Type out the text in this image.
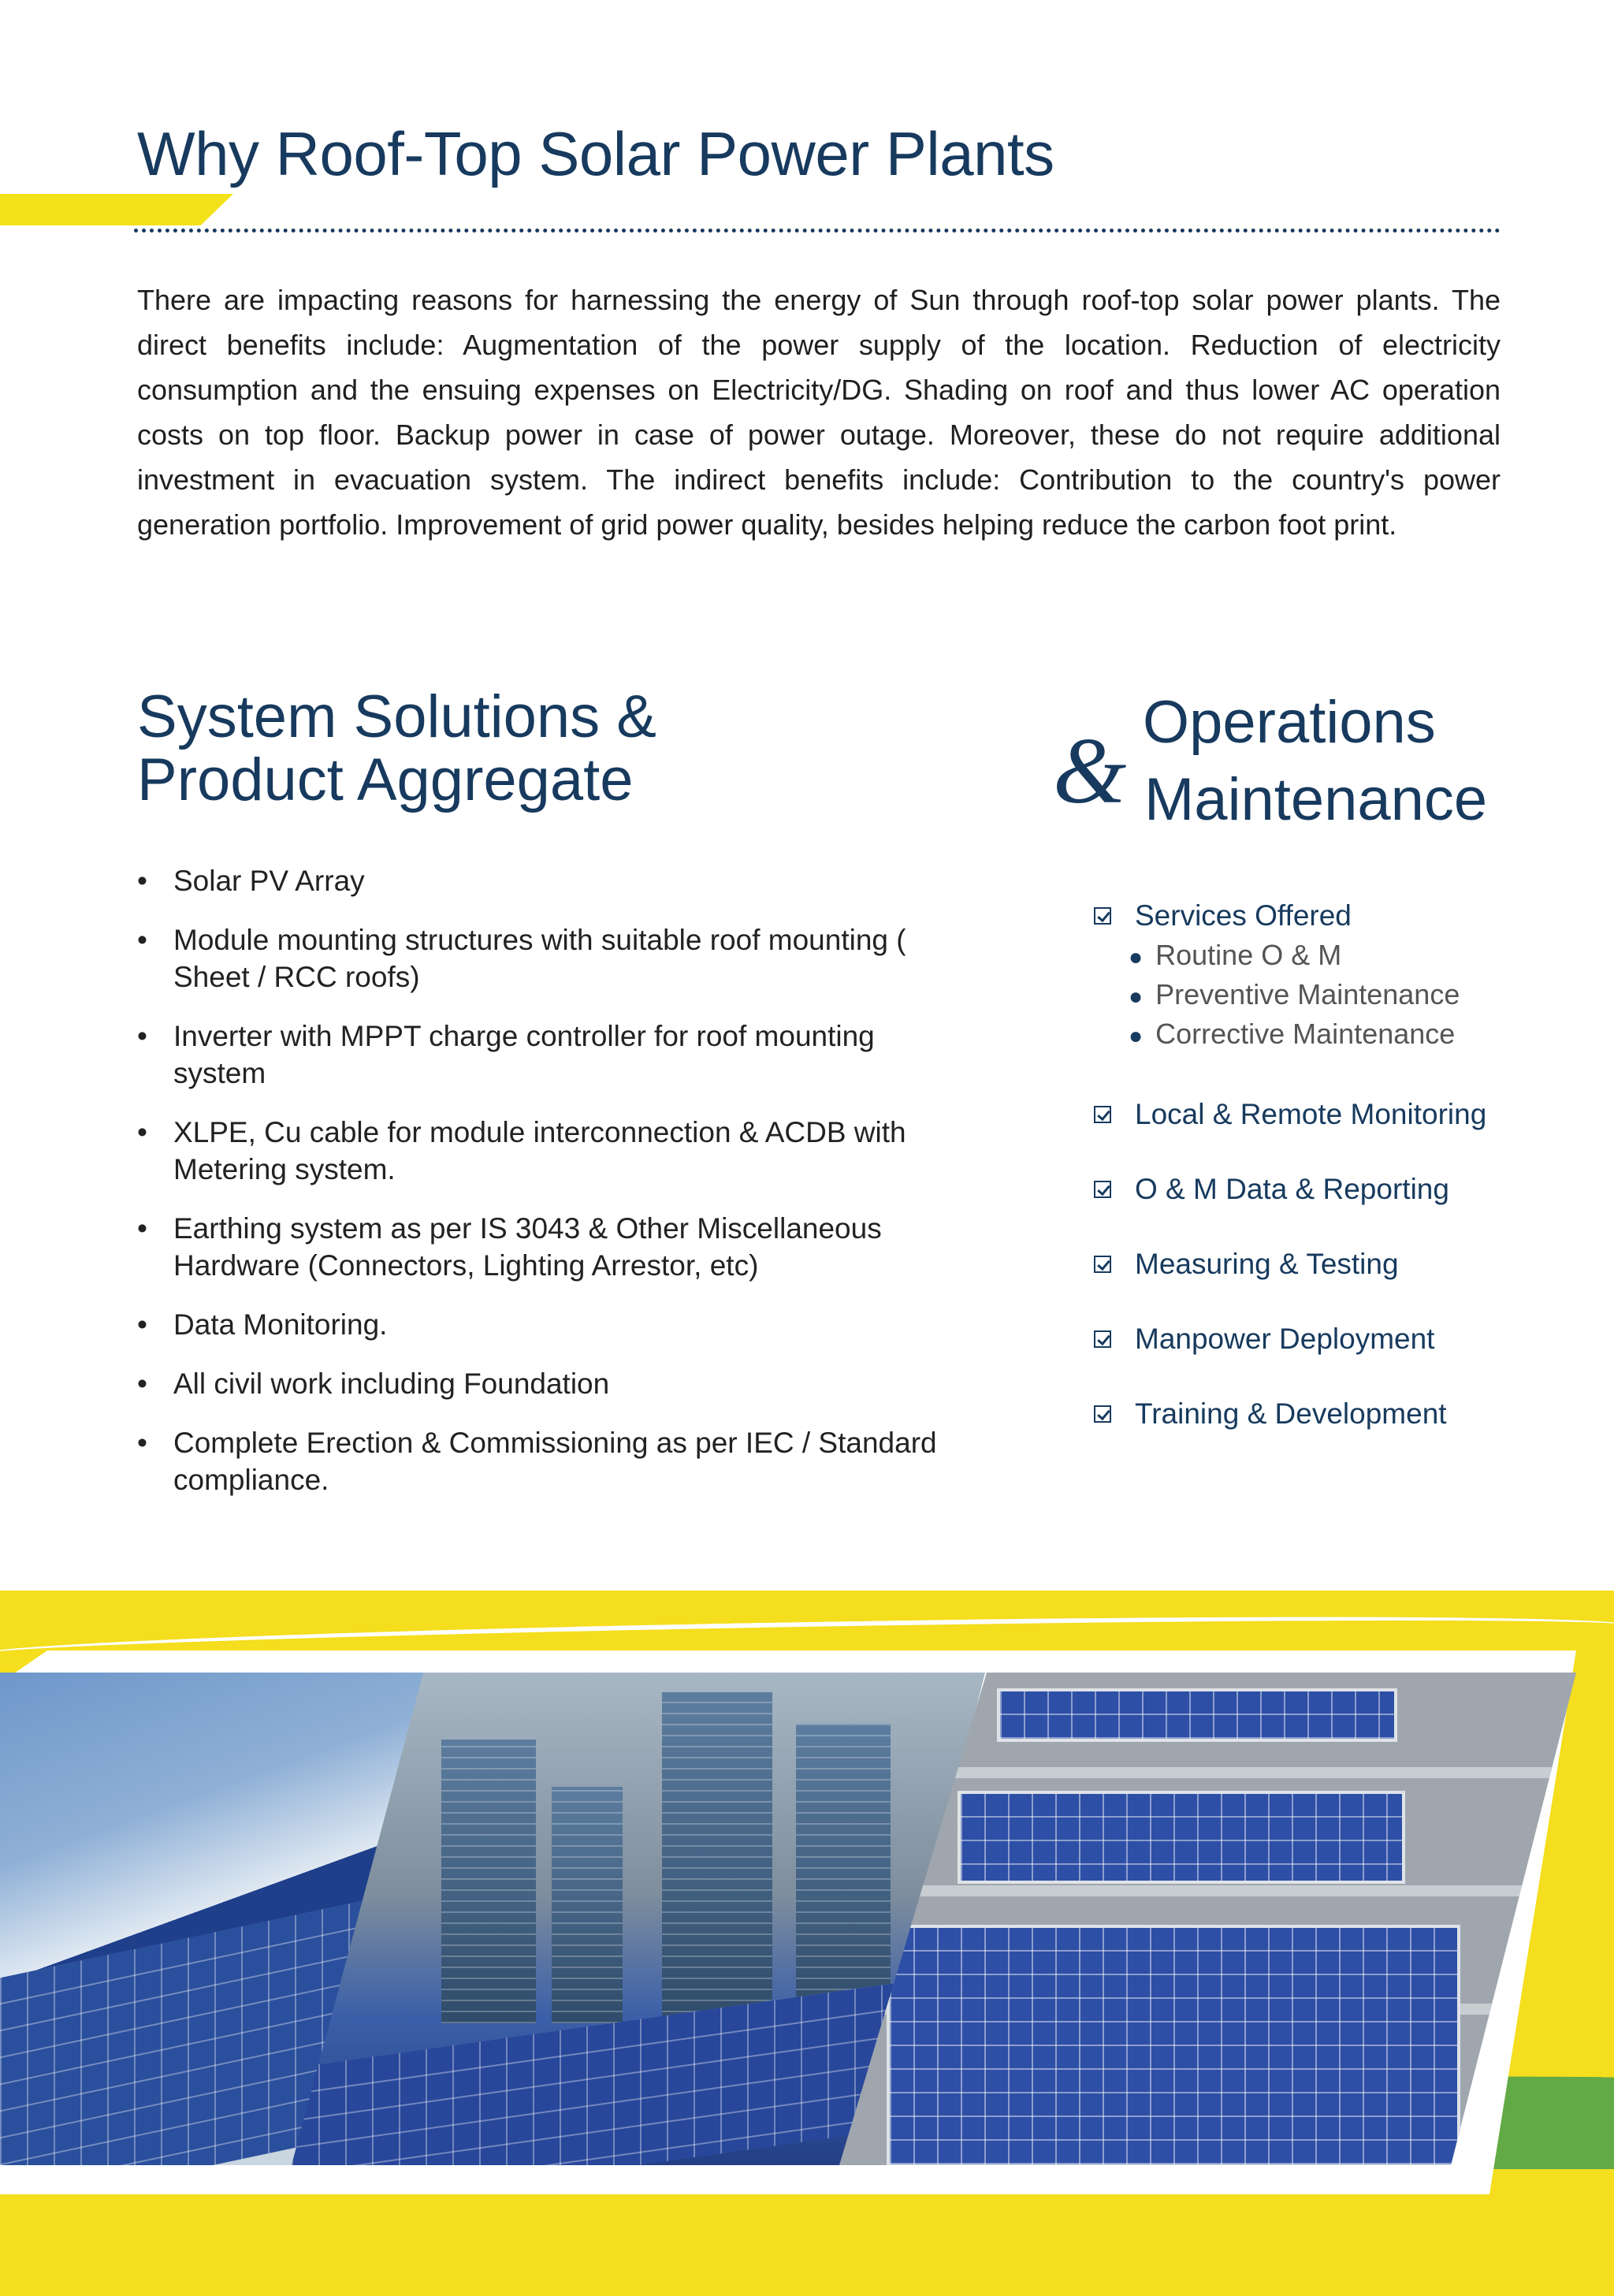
Why Roof-Top Solar Power Plants

There are impacting reasons for harnessing the energy of Sun through roof-top solar power plants. The direct benefits include: Augmentation of the power supply of the location. Reduction of electricity consumption and the ensuing expenses on Electricity/DG. Shading on roof and thus lower AC operation costs on top floor. Backup power in case of power outage. Moreover, these do not require additional investment in evacuation system. The indirect benefits include: Contribution to the country's power generation portfolio. Improvement of grid power quality, besides helping reduce the carbon foot print.

System Solutions &
Product Aggregate
• Solar PV Array
• Module mounting structures with suitable roof mounting ( Sheet / RCC roofs)
• Inverter with MPPT charge controller for roof mounting system
• XLPE, Cu cable for module interconnection & ACDB with Metering system.
• Earthing system as per IS 3043 & Other Miscellaneous Hardware (Connectors, Lighting Arrestor, etc)
• Data Monitoring.
• All civil work including Foundation
• Complete Erection & Commissioning as per IEC / Standard compliance.
& Operations
Maintenance
Services Offered
● Routine O & M
● Preventive Maintenance
● Corrective Maintenance
Local & Remote Monitoring
O & M Data & Reporting
Measuring & Testing
Manpower Deployment
Training & Development
